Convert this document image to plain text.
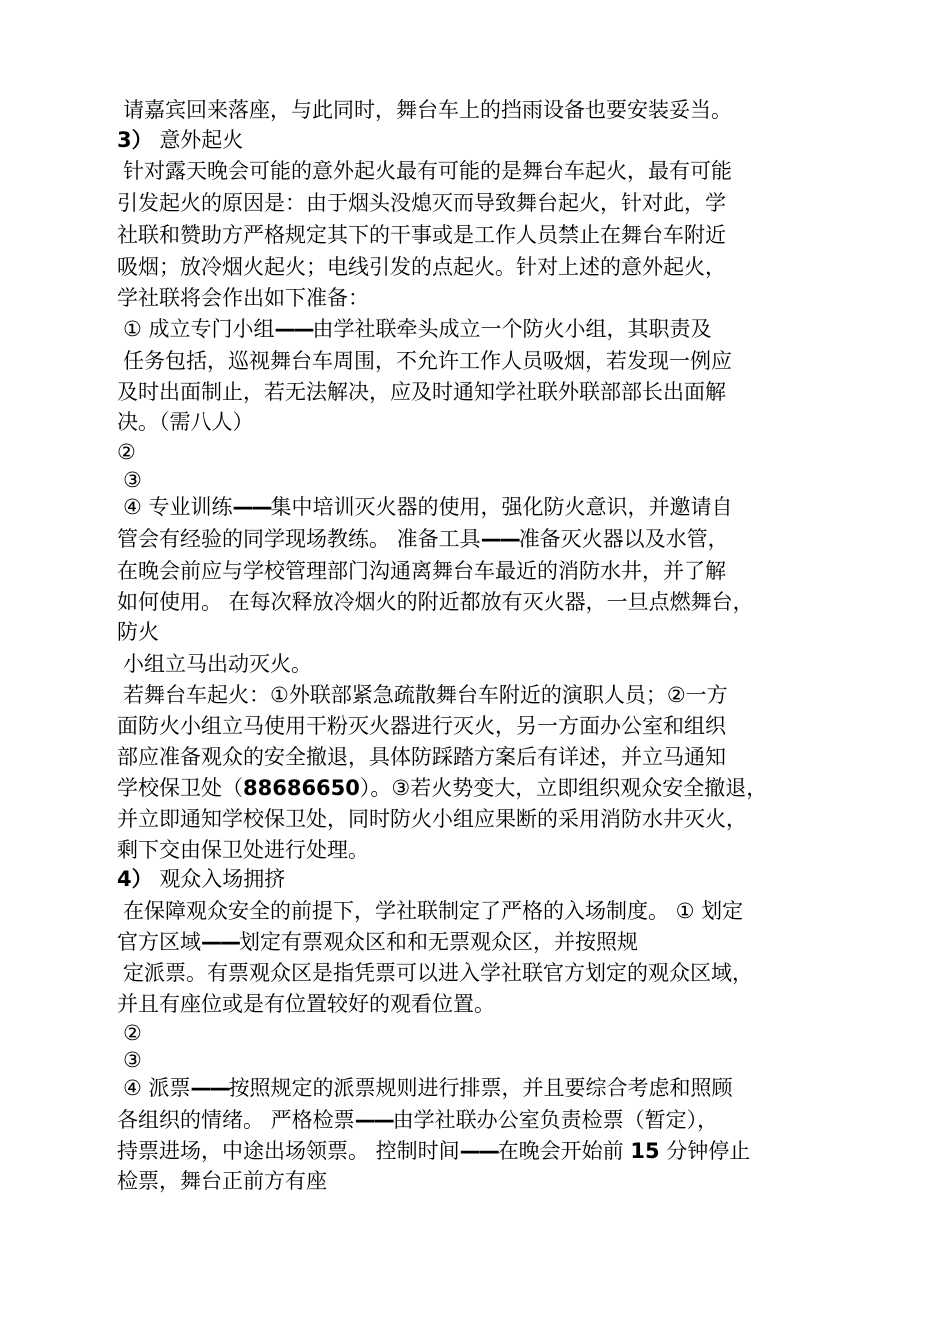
请嘉宾回来落座，与此同时，舞台车上的挡雨设备也要安装妥当。
3） 意外起火
针对露天晚会可能的意外起火最有可能的是舞台车起火，最有可能
引发起火的原因是：由于烟头没熄灭而导致舞台起火，针对此，学
社联和赞助方严格规定其下的干事或是工作人员禁止在舞台车附近
吸烟；放冷烟火起火；电线引发的点起火。针对上述的意外起火，
学社联将会作出如下准备：
① 成立专门小组——由学社联牵头成立一个防火小组，其职责及
任务包括，巡视舞台车周围，不允许工作人员吸烟，若发现一例应
及时出面制止，若无法解决，应及时通知学社联外联部部长出面解
决。（需八人）
②
③
④ 专业训练——集中培训灭火器的使用，强化防火意识，并邀请自
管会有经验的同学现场教练。 准备工具——准备灭火器以及水管，
在晚会前应与学校管理部门沟通离舞台车最近的消防水井，并了解
如何使用。 在每次释放冷烟火的附近都放有灭火器，一旦点燃舞台，
防火
小组立马出动灭火。
若舞台车起火：①外联部紧急疏散舞台车附近的演职人员；②一方
面防火小组立马使用干粉灭火器进行灭火，另一方面办公室和组织
部应准备观众的安全撤退，具体防踩踏方案后有详述，并立马通知
学校保卫处（88686650）。③若火势变大，立即组织观众安全撤退，
并立即通知学校保卫处，同时防火小组应果断的采用消防水井灭火，
剩下交由保卫处进行处理。
4） 观众入场拥挤
在保障观众安全的前提下，学社联制定了严格的入场制度。 ① 划定
官方区域——划定有票观众区和和无票观众区，并按照规
定派票。有票观众区是指凭票可以进入学社联官方划定的观众区域，
并且有座位或是有位置较好的观看位置。
②
③
④ 派票——按照规定的派票规则进行排票，并且要综合考虑和照顾
各组织的情绪。 严格检票——由学社联办公室负责检票（暂定），
持票进场，中途出场领票。 控制时间——在晚会开始前 15 分钟停止
检票，舞台正前方有座
